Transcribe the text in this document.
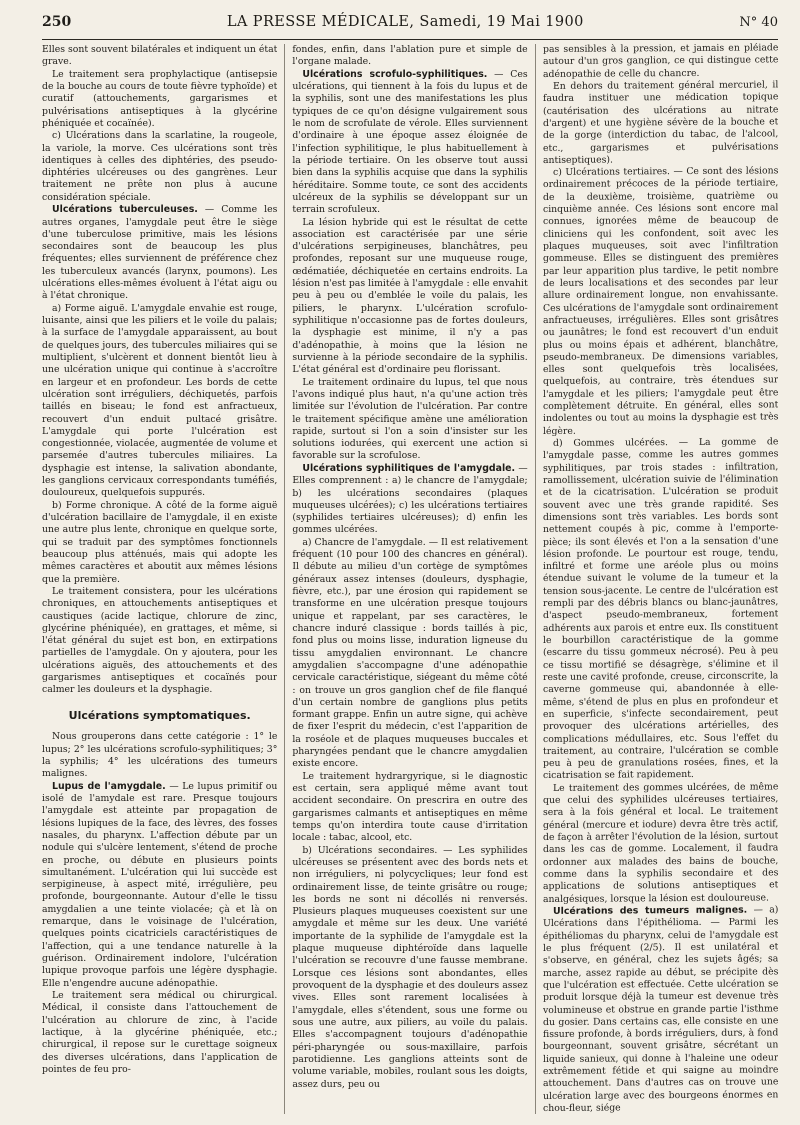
250	LA PRESSE MÉDICALE, Samedi, 19 Mai 1900	N° 40

Elles sont souvent bilatérales et indiquent un état grave.

Le traitement sera prophylactique (antisepsie de la bouche au cours de toute fièvre typhoïde) et curatif (attouchements, gargarismes et pulvérisations antiseptiques à la glycérine phéniquée et cocaïnée).

c) Ulcérations dans la scarlatine, la rougeole, la variole, la morve. Ces ulcérations sont très identiques à celles des diphtéries, des pseudo-diphtéries ulcéreuses ou des gangrènes. Leur traitement ne prête non plus à aucune considération spéciale.

Ulcérations tuberculeuses. — Comme les autres organes, l'amygdale peut être le siège d'une tuberculose primitive, mais les lésions secondaires sont de beaucoup les plus fréquentes; elles surviennent de préférence chez les tuberculeux avancés (larynx, poumons). Les ulcérations elles-mêmes évoluent à l'état aigu ou à l'état chronique.

a) Forme aiguë. L'amygdale envahie est rouge, luisante, ainsi que les piliers et le voile du palais; à la surface de l'amygdale apparaissent, au bout de quelques jours, des tubercules miliaires qui se multiplient, s'ulcèrent et donnent bientôt lieu à une ulcération unique qui continue à s'accroître en largeur et en profondeur. Les bords de cette ulcération sont irréguliers, déchiquetés, parfois taillés en biseau; le fond est anfractueux, recouvert d'un enduit pultacé grisâtre. L'amygdale qui porte l'ulcération est congestionnée, violacée, augmentée de volume et parsemée d'autres tubercules miliaires. La dysphagie est intense, la salivation abondante, les ganglions cervicaux correspondants tuméfiés, douloureux, quelquefois suppurés.

b) Forme chronique. A côté de la forme aiguë d'ulcération bacillaire de l'amygdale, il en existe une autre plus lente, chronique en quelque sorte, qui se traduit par des symptômes fonctionnels beaucoup plus atténués, mais qui adopte les mêmes caractères et aboutit aux mêmes lésions que la première.

Le traitement consistera, pour les ulcérations chroniques, en attouchements antiseptiques et caustiques (acide lactique, chlorure de zinc, glycérine phéniquée), en grattages, et même, si l'état général du sujet est bon, en extirpations partielles de l'amygdale. On y ajoutera, pour les ulcérations aiguës, des attouchements et des gargarismes antiseptiques et cocaïnés pour calmer les douleurs et la dysphagie.

Ulcérations symptomatiques.

Nous grouperons dans cette catégorie : 1° le lupus; 2° les ulcérations scrofulo-syphilitiques; 3° la syphilis; 4° les ulcérations des tumeurs malignes.

Lupus de l'amygdale. — Le lupus primitif ou isolé de l'amydale est rare. Presque toujours l'amygdale est atteinte par propagation de lésions lupiques de la face, des lèvres, des fosses nasales, du pharynx. L'affection débute par un nodule qui s'ulcère lentement, s'étend de proche en proche, ou débute en plusieurs points simultanément. L'ulcération qui lui succède est serpigineuse, à aspect mité, irrégulière, peu profonde, bourgeonnante. Autour d'elle le tissu amygdalien a une teinte violacée; çà et là on remarque, dans le voisinage de l'ulcération, quelques points cicatriciels caractéristiques de l'affection, qui a une tendance naturelle à la guérison. Ordinairement indolore, l'ulcération lupique provoque parfois une légère dysphagie. Elle n'engendre aucune adénopathie.

Le traitement sera médical ou chirurgical. Médical, il consiste dans l'attouchement de l'ulcération au chlorure de zinc, à l'acide lactique, à la glycérine phéniquée, etc.; chirurgical, il repose sur le curettage soigneux des diverses ulcérations, dans l'application de pointes de feu pro-

fondes, enfin, dans l'ablation pure et simple de l'organe malade.

Ulcérations scrofulo-syphilitiques. — Ces ulcérations, qui tiennent à la fois du lupus et de la syphilis, sont une des manifestations les plus typiques de ce qu'on désigne vulgairement sous le nom de scrofulate de vérole. Elles surviennent d'ordinaire à une époque assez éloignée de l'infection syphilitique, le plus habituellement à la période tertiaire. On les observe tout aussi bien dans la syphilis acquise que dans la syphilis héréditaire. Somme toute, ce sont des accidents ulcéreux de la syphilis se développant sur un terrain scrofuleux.

La lésion hybride qui est le résultat de cette association est caractérisée par une série d'ulcérations serpigineuses, blanchâtres, peu profondes, reposant sur une muqueuse rouge, œdématiée, déchiquetée en certains endroits. La lésion n'est pas limitée à l'amygdale : elle envahit peu à peu ou d'emblée le voile du palais, les piliers, le pharynx. L'ulcération scrofulo-syphilitique n'occasionne pas de fortes douleurs, la dysphagie est minime, il n'y a pas d'adénopathie, à moins que la lésion ne survienne à la période secondaire de la syphilis. L'état général est d'ordinaire peu florissant.

Le traitement ordinaire du lupus, tel que nous l'avons indiqué plus haut, n'a qu'une action très limitée sur l'évolution de l'ulcération. Par contre le traitement spécifique amène une amélioration rapide, surtout si l'on a soin d'insister sur les solutions iodurées, qui exercent une action si favorable sur la scrofulose.

Ulcérations syphilitiques de l'amygdale. — Elles comprennent : a) le chancre de l'amygdale; b) les ulcérations secondaires (plaques muqueuses ulcérées); c) les ulcérations tertiaires (syphilides tertiaires ulcéreuses); d) enfin les gommes ulcérées.

a) Chancre de l'amygdale. — Il est relativement fréquent (10 pour 100 des chancres en général). Il débute au milieu d'un cortège de symptômes généraux assez intenses (douleurs, dysphagie, fièvre, etc.), par une érosion qui rapidement se transforme en une ulcération presque toujours unique et rappelant, par ses caractères, le chancre induré classique : bords taillés à pic, fond plus ou moins lisse, induration ligneuse du tissu amygdalien environnant. Le chancre amygdalien s'accompagne d'une adénopathie cervicale caractéristique, siégeant du même côté : on trouve un gros ganglion chef de file flanqué d'un certain nombre de ganglions plus petits formant grappe. Enfin un autre signe, qui achève de fixer l'esprit du médecin, c'est l'apparition de la roséole et de plaques muqueuses buccales et pharyngées pendant que le chancre amygdalien existe encore.

Le traitement hydrargyrique, si le diagnostic est certain, sera appliqué même avant tout accident secondaire. On prescrira en outre des gargarismes calmants et antiseptiques en même temps qu'on interdira toute cause d'irritation locale : tabac, alcool, etc.

b) Ulcérations secondaires. — Les syphilides ulcéreuses se présentent avec des bords nets et non irréguliers, ni polycycliques; leur fond est ordinairement lisse, de teinte grisâtre ou rouge; les bords ne sont ni décollés ni renversés. Plusieurs plaques muqueuses coexistent sur une amygdale et même sur les deux. Une variété importante de la syphilide de l'amygdale est la plaque muqueuse diphtéroïde dans laquelle l'ulcération se recouvre d'une fausse membrane. Lorsque ces lésions sont abondantes, elles provoquent de la dysphagie et des douleurs assez vives. Elles sont rarement localisées à l'amygdale, elles s'étendent, sous une forme ou sous une autre, aux piliers, au voile du palais. Elles s'accompagnent toujours d'adénopathie péri-pharyngée ou sous-maxillaire, parfois parotidienne. Les ganglions atteints sont de volume variable, mobiles, roulant sous les doigts, assez durs, peu ou

pas sensibles à la pression, et jamais en pléiade autour d'un gros ganglion, ce qui distingue cette adénopathie de celle du chancre.

En dehors du traitement général mercuriel, il faudra instituer une médication topique (cautérisation des ulcérations au nitrate d'argent) et une hygiène sévère de la bouche et de la gorge (interdiction du tabac, de l'alcool, etc., gargarismes et pulvérisations antiseptiques).

c) Ulcérations tertiaires. — Ce sont des lésions ordinairement précoces de la période tertiaire, de la deuxième, troisième, quatrième ou cinquième année. Ces lésions sont encore mal connues, ignorées même de beaucoup de cliniciens qui les confondent, soit avec les plaques muqueuses, soit avec l'infiltration gommeuse. Elles se distinguent des premières par leur apparition plus tardive, le petit nombre de leurs localisations et des secondes par leur allure ordinairement longue, non envahissante. Ces ulcérations de l'amygdale sont ordinairement anfractueuses, irrégulières. Elles sont grisâtres ou jaunâtres; le fond est recouvert d'un enduit plus ou moins épais et adhérent, blanchâtre, pseudo-membraneux. De dimensions variables, elles sont quelquefois très localisées, quelquefois, au contraire, très étendues sur l'amygdale et les piliers; l'amygdale peut être complètement détruite. En général, elles sont indolentes ou tout au moins la dysphagie est très légère.

d) Gommes ulcérées. — La gomme de l'amygdale passe, comme les autres gommes syphilitiques, par trois stades : infiltration, ramollissement, ulcération suivie de l'élimination et de la cicatrisation. L'ulcération se produit souvent avec une très grande rapidité. Ses dimensions sont très variables. Les bords sont nettement coupés à pic, comme à l'emporte-pièce; ils sont élevés et l'on a la sensation d'une lésion profonde. Le pourtour est rouge, tendu, infiltré et forme une aréole plus ou moins étendue suivant le volume de la tumeur et la tension sous-jacente. Le centre de l'ulcération est rempli par des débris blancs ou blanc-jaunâtres, d'aspect pseudo-membraneux, fortement adhérents aux parois et entre eux. Ils constituent le bourbillon caractéristique de la gomme (escarre du tissu gommeux nécrosé). Peu à peu ce tissu mortifié se désagrège, s'élimine et il reste une cavité profonde, creuse, circonscrite, la caverne gommeuse qui, abandonnée à elle-même, s'étend de plus en plus en profondeur et en superficie, s'infecte secondairement, peut provoquer des ulcérations artérielles, des complications médullaires, etc. Sous l'effet du traitement, au contraire, l'ulcération se comble peu à peu de granulations rosées, fines, et la cicatrisation se fait rapidement.

Le traitement des gommes ulcérées, de même que celui des syphilides ulcéreuses tertiaires, sera à la fois général et local. Le traitement général (mercure et iodure) devra être très actif, de façon à arrêter l'évolution de la lésion, surtout dans les cas de gomme. Localement, il faudra ordonner aux malades des bains de bouche, comme dans la syphilis secondaire et des applications de solutions antiseptiques et analgésiques, lorsque la lésion est douloureuse.

Ulcérations des tumeurs malignes. — a) Ulcérations dans l'épithélioma. — Parmi les épithéliomas du pharynx, celui de l'amygdale est le plus fréquent (2/5). Il est unilatéral et s'observe, en général, chez les sujets âgés; sa marche, assez rapide au début, se précipite dès que l'ulcération est effectuée. Cette ulcération se produit lorsque déjà la tumeur est devenue très volumineuse et obstrue en grande partie l'isthme du gosier. Dans certains cas, elle consiste en une fissure profonde, à bords irréguliers, durs, à fond bourgeonnant, souvent grisâtre, sécrétant un liquide sanieux, qui donne à l'haleine une odeur extrêmement fétide et qui saigne au moindre attouchement. Dans d'autres cas on trouve une ulcération large avec des bourgeons énormes en chou-fleur, siége
